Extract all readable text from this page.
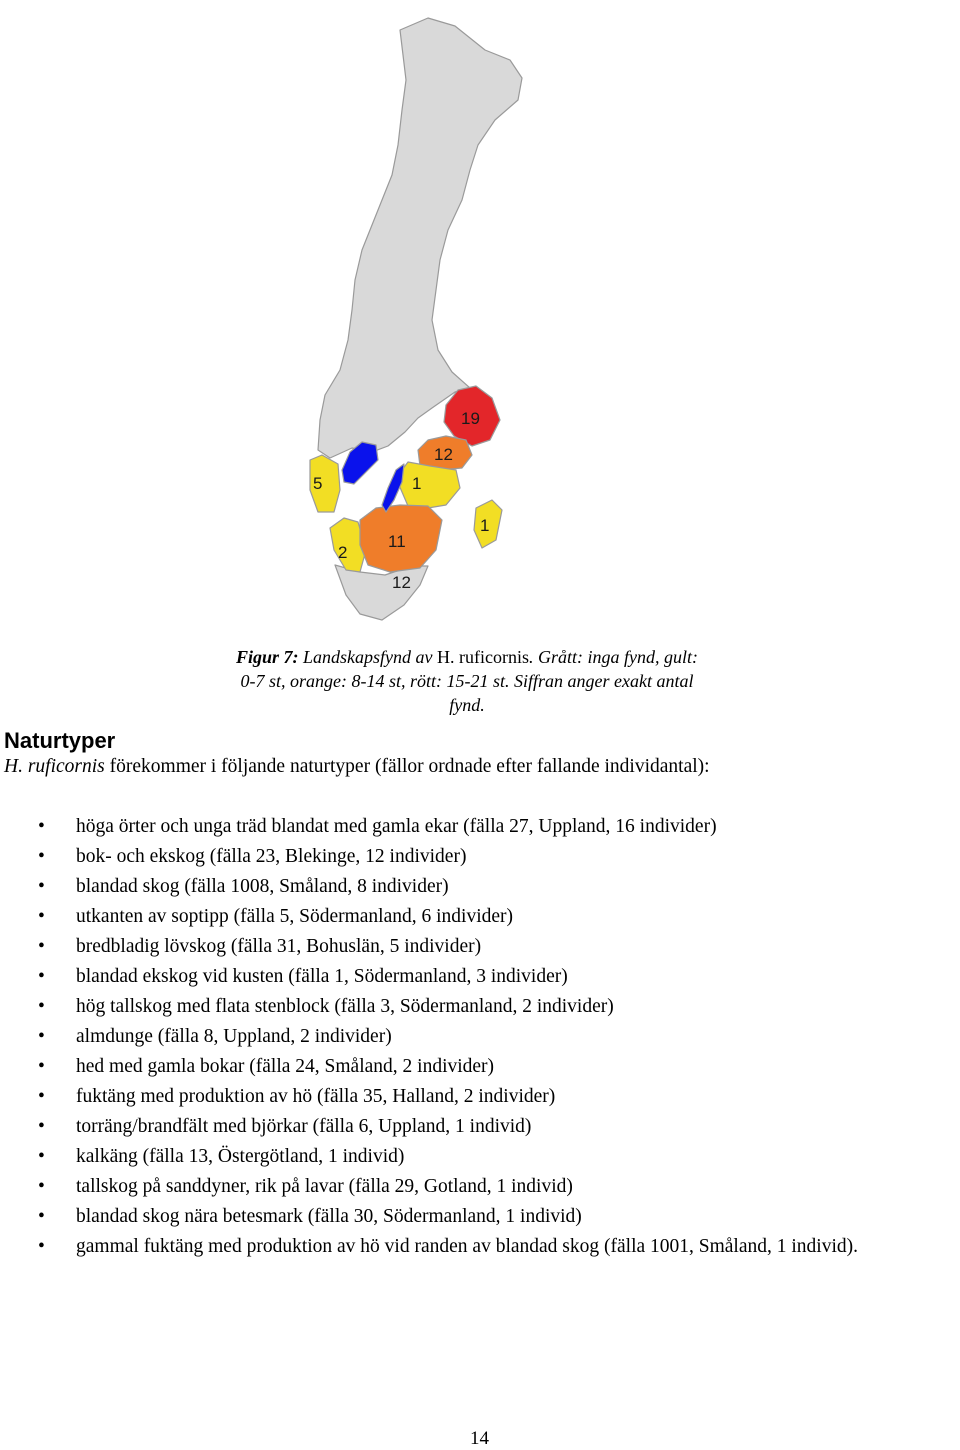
19
12
1
5
1
11
2
12
Figur 7: Landskapsfynd av H. ruficornis. Grått: inga fynd, gult: 0-7 st, orange: 8-14 st, rött: 15-21 st. Siffran anger exakt antal fynd.
Naturtyper
H. ruficornis förekommer i följande naturtyper (fällor ordnade efter fallande individantal):
• höga örter och unga träd blandat med gamla ekar (fälla 27, Uppland, 16 individer)
• bok- och ekskog (fälla 23, Blekinge, 12 individer)
• blandad skog (fälla 1008, Småland, 8 individer)
• utkanten av soptipp (fälla 5, Södermanland, 6 individer)
• bredbladig lövskog (fälla 31, Bohuslän, 5 individer)
• blandad ekskog vid kusten (fälla 1, Södermanland, 3 individer)
• hög tallskog med flata stenblock (fälla 3, Södermanland, 2 individer)
• almdunge (fälla 8, Uppland, 2 individer)
• hed med gamla bokar (fälla 24, Småland, 2 individer)
• fuktäng med produktion av hö (fälla 35, Halland, 2 individer)
• torräng/brandfält med björkar (fälla 6, Uppland, 1 individ)
• kalkäng (fälla 13, Östergötland, 1 individ)
• tallskog på sanddyner, rik på lavar (fälla 29, Gotland, 1 individ)
• blandad skog nära betesmark (fälla 30, Södermanland, 1 individ)
• gammal fuktäng med produktion av hö vid randen av blandad skog (fälla 1001, Småland, 1 individ).
14
